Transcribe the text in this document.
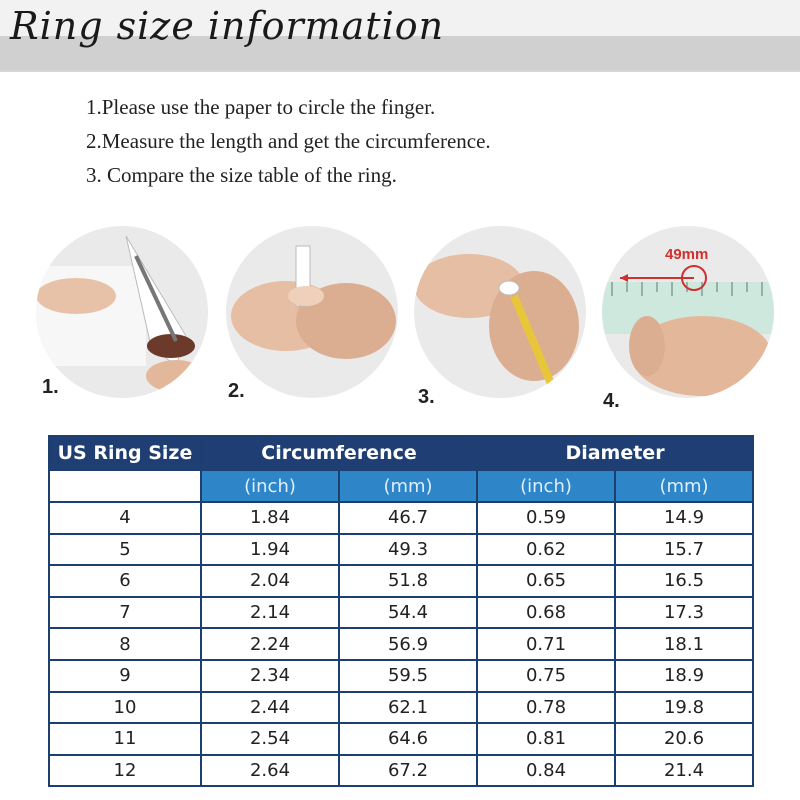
Ring size information
1.Please use the paper to circle the finger.
2.Measure the length and get the circumference.
3. Compare the size table of the ring.
1.	2.	3.	4.
49mm
US Ring Size	Circumference		Diameter	
	(inch)	(mm)	(inch)	(mm)
4	1.84	46.7	0.59	14.9
5	1.94	49.3	0.62	15.7
6	2.04	51.8	0.65	16.5
7	2.14	54.4	0.68	17.3
8	2.24	56.9	0.71	18.1
9	2.34	59.5	0.75	18.9
10	2.44	62.1	0.78	19.8
11	2.54	64.6	0.81	20.6
12	2.64	67.2	0.84	21.4
